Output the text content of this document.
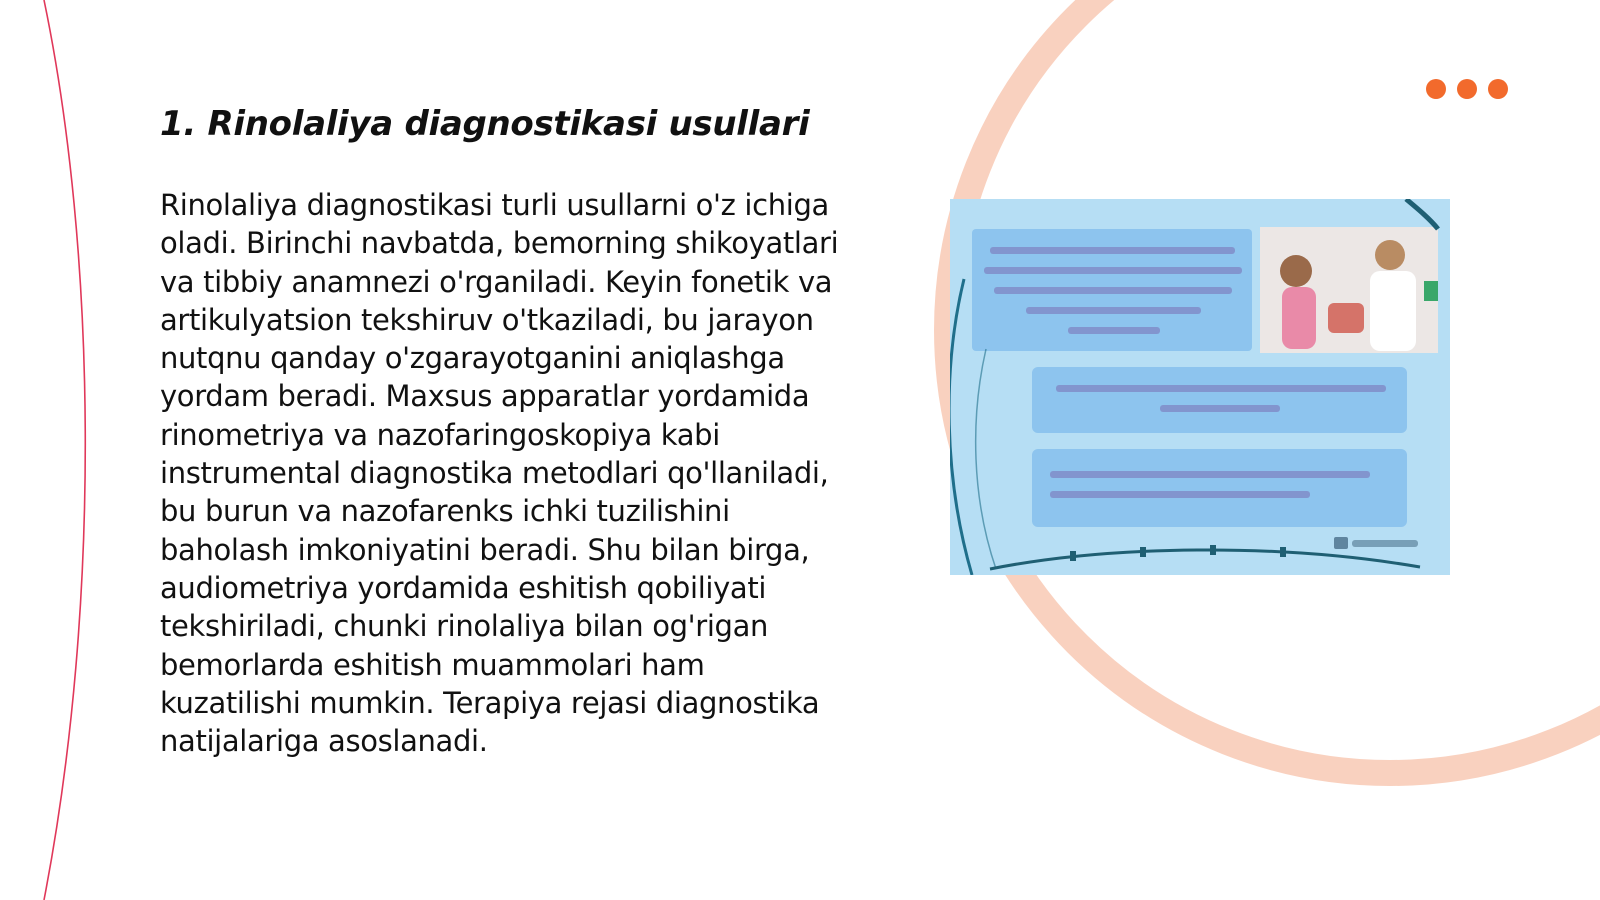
1. Rinolaliya diagnostikasi usullari

Rinolaliya diagnostikasi turli usullarni o'z ichiga oladi. Birinchi navbatda, bemorning shikoyatlari va tibbiy anamnezi o'rganiladi. Keyin fonetik va artikulyatsion tekshiruv o'tkaziladi, bu jarayon nutqnu qanday o'zgarayotganini aniqlashga yordam beradi. Maxsus apparatlar yordamida rinometriya va nazofaringoskopiya kabi instrumental diagnostika metodlari qo'llaniladi, bu burun va nazofarenks ichki tuzilishini baholash imkoniyatini beradi. Shu bilan birga, audiometriya yordamida eshitish qobiliyati tekshiriladi, chunki rinolaliya bilan og'rigan bemorlarda eshitish muammolari ham kuzatilishi mumkin. Terapiya rejasi diagnostika natijalariga asoslanadi.
